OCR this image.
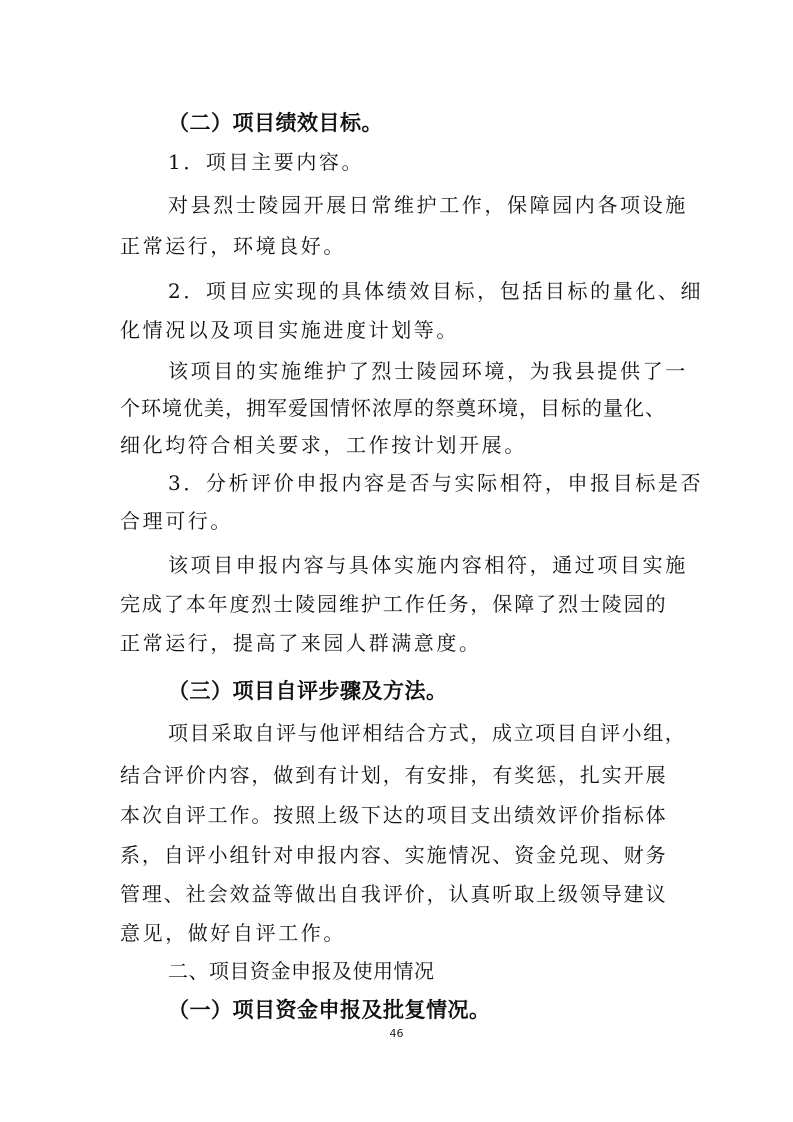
（二）项目绩效目标。
1．项目主要内容。
对县烈士陵园开展日常维护工作，保障园内各项设施
正常运行，环境良好。
2．项目应实现的具体绩效目标，包括目标的量化、细
化情况以及项目实施进度计划等。
该项目的实施维护了烈士陵园环境，为我县提供了一
个环境优美，拥军爱国情怀浓厚的祭奠环境，目标的量化、
细化均符合相关要求，工作按计划开展。
3．分析评价申报内容是否与实际相符，申报目标是否
合理可行。
该项目申报内容与具体实施内容相符，通过项目实施
完成了本年度烈士陵园维护工作任务，保障了烈士陵园的
正常运行，提高了来园人群满意度。
（三）项目自评步骤及方法。
项目采取自评与他评相结合方式，成立项目自评小组，
结合评价内容，做到有计划，有安排，有奖惩，扎实开展
本次自评工作。按照上级下达的项目支出绩效评价指标体
系，自评小组针对申报内容、实施情况、资金兑现、财务
管理、社会效益等做出自我评价，认真听取上级领导建议
意见，做好自评工作。
二、项目资金申报及使用情况
（一）项目资金申报及批复情况。
46
